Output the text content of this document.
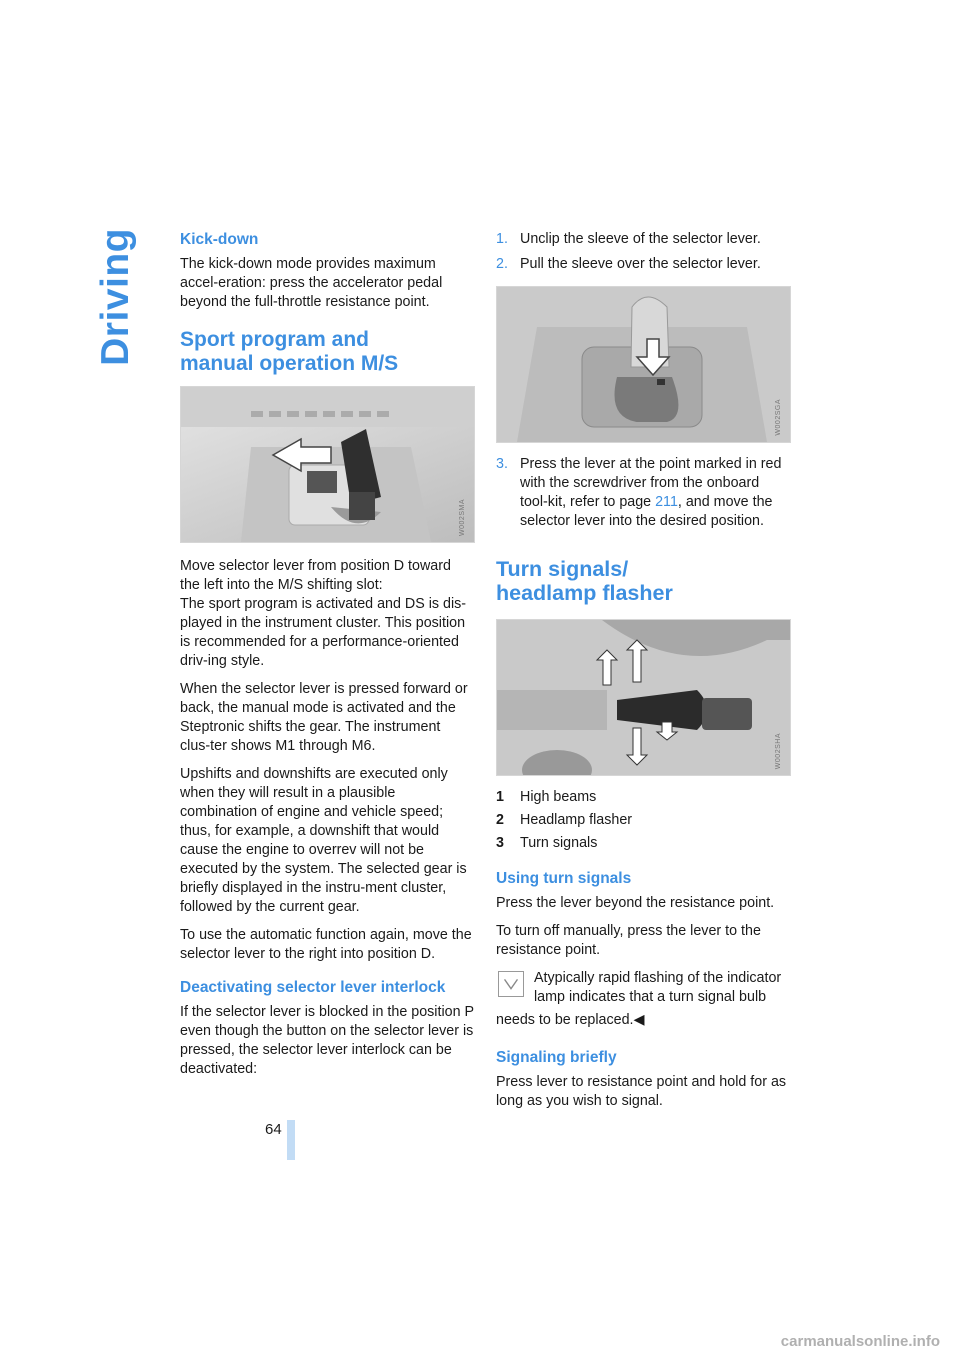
Driving	Kick-down

The kick-down mode provides maximum accel-eration: press the accelerator pedal beyond the full-throttle resistance point.

Sport program and
manual operation M/S
W002SMA

Move selector lever from position D toward the left into the M/S shifting slot:

The sport program is activated and DS is dis-played in the instrument cluster. This position is recommended for a performance-oriented driv-ing style.

When the selector lever is pressed forward or back, the manual mode is activated and the Steptronic shifts the gear. The instrument clus-ter shows M1 through M6.

Upshifts and downshifts are executed only when they will result in a plausible combination of engine and vehicle speed; thus, for example, a downshift that would cause the engine to overrev will not be executed by the system. The selected gear is briefly displayed in the instru-ment cluster, followed by the current gear.

To use the automatic function again, move the selector lever to the right into position D.

Deactivating selector lever interlock

If the selector lever is blocked in the position P even though the button on the selector lever is pressed, the selector lever interlock can be deactivated:

1. Unclip the sleeve of the selector lever.
2. Pull the sleeve over the selector lever.
W002SGA
3. Press the lever at the point marked in red with the screwdriver from the onboard tool-kit, refer to page 211, and move the selector lever into the desired position.
Turn signals/
headlamp flasher
W002SHA
1	High beams
2	Headlamp flasher
3	Turn signals
Using turn signals

Press the lever beyond the resistance point.

To turn off manually, press the lever to the resistance point.

Atypically rapid flashing of the indicator lamp indicates that a turn signal bulb
needs to be replaced.◀
Signaling briefly

Press lever to resistance point and hold for as long as you wish to signal.

64
carmanualsonline.info
